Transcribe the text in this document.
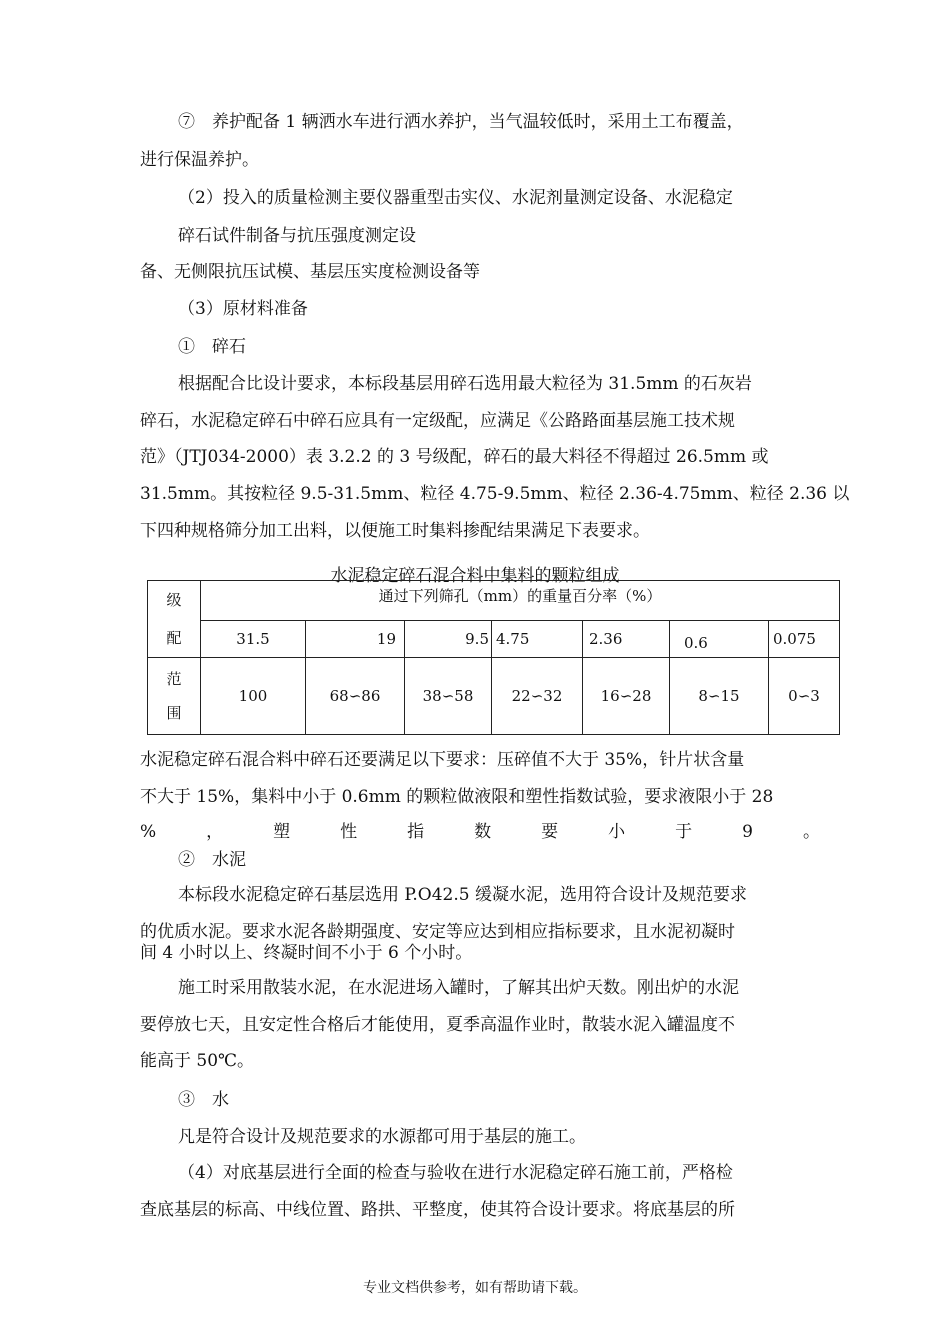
⑦　养护配备 1 辆洒水车进行洒水养护，当气温较低时，采用土工布覆盖，
进行保温养护。
（2）投入的质量检测主要仪器重型击实仪、水泥剂量测定设备、水泥稳定
碎石试件制备与抗压强度测定设
备、无侧限抗压试模、基层压实度检测设备等
（3）原材料准备
①　碎石
根据配合比设计要求，本标段基层用碎石选用最大粒径为 31.5mm 的石灰岩
碎石，水泥稳定碎石中碎石应具有一定级配，应满足《公路路面基层施工技术规
范》（JTJ034-2000）表 3.2.2 的 3 号级配，碎石的最大料径不得超过 26.5mm 或
31.5mm。其按粒径 9.5-31.5mm、粒径 4.75-9.5mm、粒径 2.36-4.75mm、粒径 2.36 以
下四种规格筛分加工出料，以便施工时集料掺配结果满足下表要求。
水泥稳定碎石混合料中集料的颗粒组成
级
配	通过下列筛孔（mm）的重量百分率（%）						
	31.5	19	9.5	4.75	2.36	0.6	0.075
范
围	100	68∽86	38∽58	22∽32	16∽28	8∽15	0∽3
水泥稳定碎石混合料中碎石还要满足以下要求：压碎值不大于 35%，针片状含量
不大于 15%，集料中小于 0.6mm 的颗粒做液限和塑性指数试验，要求液限小于 28
%	，	塑	性	指	数	要	小	于	9	。
②　水泥
本标段水泥稳定碎石基层选用 P.O42.5 缓凝水泥，选用符合设计及规范要求
的优质水泥。要求水泥各龄期强度、安定等应达到相应指标要求，且水泥初凝时
间 4 小时以上、终凝时间不小于 6 个小时。
施工时采用散装水泥，在水泥进场入罐时，了解其出炉天数。刚出炉的水泥
要停放七天，且安定性合格后才能使用，夏季高温作业时，散装水泥入罐温度不
能高于 50℃。
③　水
凡是符合设计及规范要求的水源都可用于基层的施工。
（4）对底基层进行全面的检查与验收在进行水泥稳定碎石施工前，严格检
查底基层的标高、中线位置、路拱、平整度，使其符合设计要求。将底基层的所
专业文档供参考，如有帮助请下载。
